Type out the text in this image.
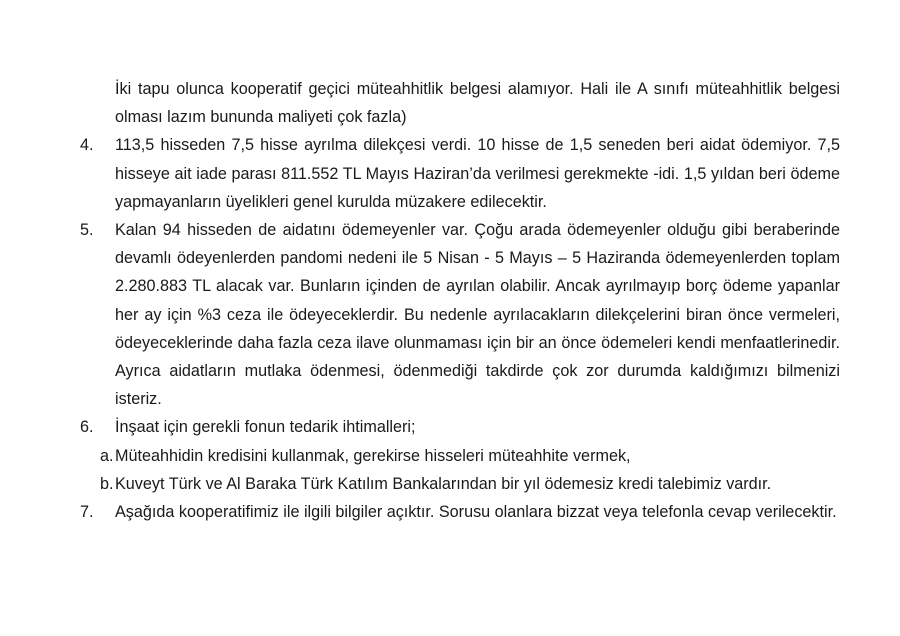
İki tapu olunca kooperatif geçici müteahhitlik belgesi alamıyor. Hali ile A sınıfı müteahhitlik belgesi olması lazım bununda maliyeti çok fazla)

4.	113,5 hisseden 7,5 hisse ayrılma dilekçesi verdi. 10 hisse de 1,5 seneden beri aidat ödemiyor. 7,5 hisseye ait iade parası 811.552 TL Mayıs Haziran’da verilmesi gerekmekte -idi. 1,5 yıldan beri ödeme yapmayanların üyelikleri genel kurulda müzakere edilecektir.
5.	Kalan 94 hisseden de aidatını ödemeyenler var. Çoğu arada ödemeyenler olduğu gibi beraberinde devamlı ödeyenlerden pandomi nedeni ile 5 Nisan - 5 Mayıs – 5 Haziranda ödemeyenlerden toplam 2.280.883 TL alacak var. Bunların içinden de ayrılan olabilir. Ancak ayrılmayıp borç ödeme yapanlar her ay için %3 ceza ile ödeyeceklerdir. Bu nedenle ayrılacakların dilekçelerini biran önce vermeleri, ödeyeceklerinde daha fazla ceza ilave olunmaması için bir an önce ödemeleri kendi menfaatlerinedir. Ayrıca aidatların mutlaka ödenmesi, ödenmediği takdirde çok zor durumda kaldığımızı bilmenizi isteriz.
6.	İnşaat için gerekli fonun tedarik ihtimalleri;
a. Müteahhidin kredisini kullanmak, gerekirse hisseleri müteahhite vermek,
b. Kuveyt Türk ve Al Baraka Türk Katılım Bankalarından bir yıl ödemesiz kredi talebimiz vardır.
7.	Aşağıda kooperatifimiz ile ilgili bilgiler açıktır. Sorusu olanlara bizzat veya telefonla cevap verilecektir.
